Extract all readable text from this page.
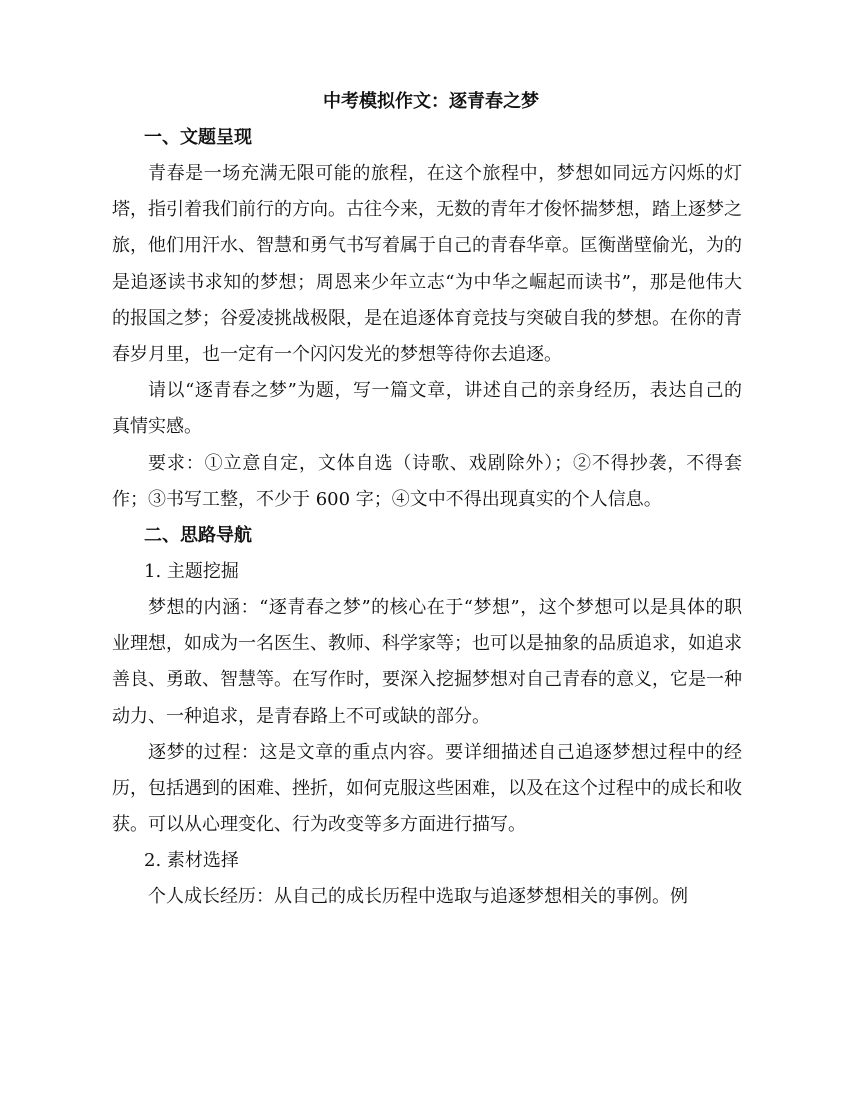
中考模拟作文：逐青春之梦
一、文题呈现

青春是一场充满无限可能的旅程，在这个旅程中，梦想如同远方闪烁的灯塔，指引着我们前行的方向。古往今来，无数的青年才俊怀揣梦想，踏上逐梦之旅，他们用汗水、智慧和勇气书写着属于自己的青春华章。匡衡凿壁偷光，为的是追逐读书求知的梦想；周恩来少年立志“为中华之崛起而读书”，那是他伟大的报国之梦；谷爱凌挑战极限，是在追逐体育竞技与突破自我的梦想。在你的青春岁月里，也一定有一个闪闪发光的梦想等待你去追逐。

请以“逐青春之梦”为题，写一篇文章，讲述自己的亲身经历，表达自己的真情实感。

要求：①立意自定，文体自选（诗歌、戏剧除外）；②不得抄袭，不得套作；③书写工整，不少于 600 字；④文中不得出现真实的个人信息。

二、思路导航
1. 主题挖掘

梦想的内涵：“逐青春之梦”的核心在于“梦想”，这个梦想可以是具体的职业理想，如成为一名医生、教师、科学家等；也可以是抽象的品质追求，如追求善良、勇敢、智慧等。在写作时，要深入挖掘梦想对自己青春的意义，它是一种动力、一种追求，是青春路上不可或缺的部分。

逐梦的过程：这是文章的重点内容。要详细描述自己追逐梦想过程中的经历，包括遇到的困难、挫折，如何克服这些困难，以及在这个过程中的成长和收获。可以从心理变化、行为改变等多方面进行描写。

2. 素材选择

个人成长经历：从自己的成长历程中选取与追逐梦想相关的事例。例
